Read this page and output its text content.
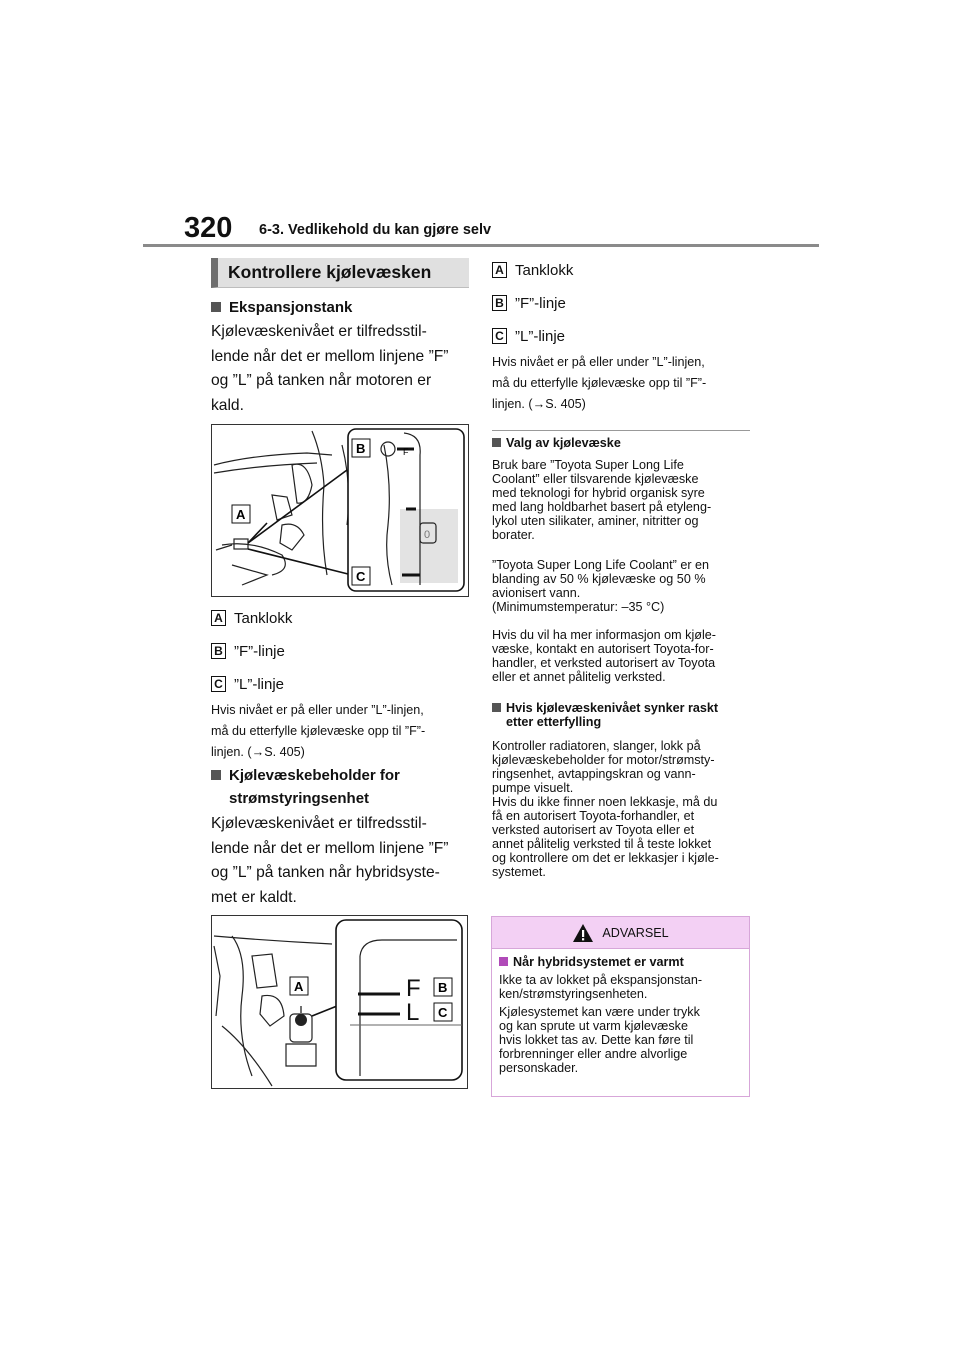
320 6-3. Vedlikehold du kan gjøre selv
Kontrollere kjølevæsken
Ekspansjonstank
Kjølevæskenivået er tilfredsstil-
lende når det er mellom linjene ”F”
og ”L” på tanken når motoren er
kald.
F
0
A
B
C
A Tanklokk
B ”F”-linje
C ”L”-linje
Hvis nivået er på eller under ”L”-linjen,
må du etterfylle kjølevæske opp til ”F”-
linjen. (→S. 405)
Kjølevæskebeholder for
strømstyringsenhet
Kjølevæskenivået er tilfredsstil-
lende når det er mellom linjene ”F”
og ”L” på tanken når hybridsyste-
met er kaldt.
F
L
A	B
C
A Tanklokk
B ”F”-linje
C ”L”-linje
Hvis nivået er på eller under ”L”-linjen,
må du etterfylle kjølevæske opp til ”F”-
linjen. (→S. 405)
Valg av kjølevæske
Bruk bare ”Toyota Super Long Life
Coolant” eller tilsvarende kjølevæske
med teknologi for hybrid organisk syre
med lang holdbarhet basert på etyleng-
lykol uten silikater, aminer, nitritter og
borater.
”Toyota Super Long Life Coolant” er en
blanding av 50 % kjølevæske og 50 %
avionisert vann.
(Minimumstemperatur: –35 °C)
Hvis du vil ha mer informasjon om kjøle-
væske, kontakt en autorisert Toyota-for-
handler, et verksted autorisert av Toyota
eller et annet pålitelig verksted.
Hvis kjølevæskenivået synker raskt
etter etterfylling
Kontroller radiatoren, slanger, lokk på
kjølevæskebeholder for motor/strømsty-
ringsenhet, avtappingskran og vann-
pumpe visuelt.
Hvis du ikke finner noen lekkasje, må du
få en autorisert Toyota-forhandler, et
verksted autorisert av Toyota eller et
annet pålitelig verksted til å teste lokket
og kontrollere om det er lekkasjer i kjøle-
systemet.
ADVARSEL
Når hybridsystemet er varmt
Ikke ta av lokket på ekspansjonstan-
ken/strømstyringsenheten.
Kjølesystemet kan være under trykk
og kan sprute ut varm kjølevæske
hvis lokket tas av. Dette kan føre til
forbrenninger eller andre alvorlige
personskader.
